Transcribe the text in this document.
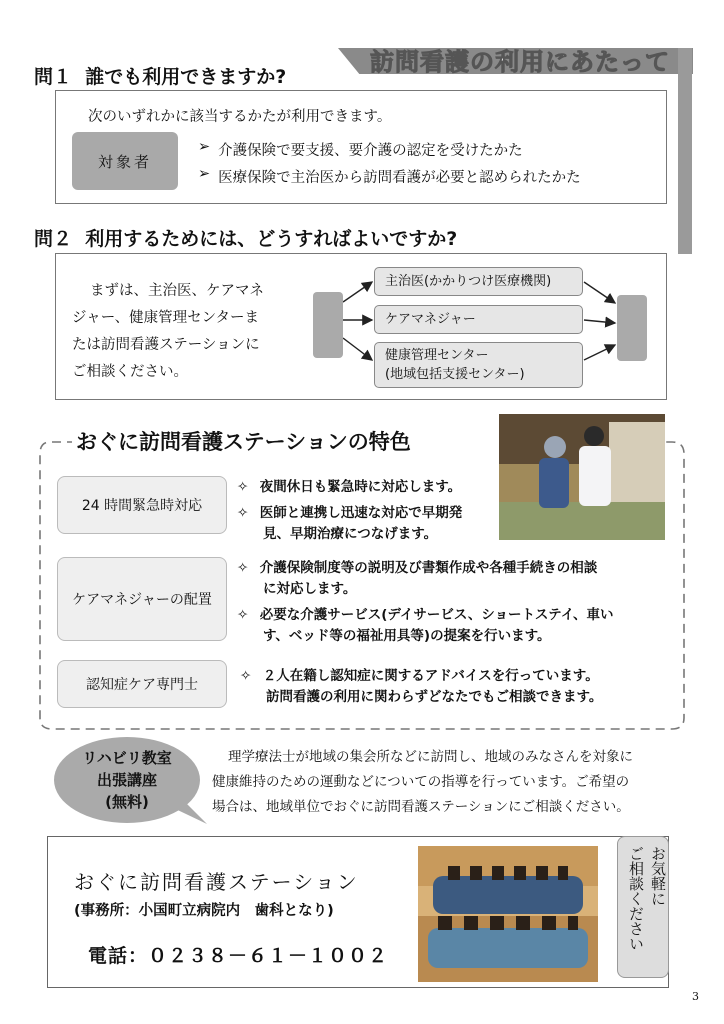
訪問看護の利用にあたって
問１ 誰でも利用できますか?
次のいずれかに該当するかたが利用できます。
対象者
➢ 介護保険で要支援、要介護の認定を受けたかた
➢ 医療保険で主治医から訪問看護が必要と認められたかた
問２ 利用するためには、どうすればよいですか?
まずは、主治医、ケアマネ
ジャー、健康管理センターま
たは訪問看護ステーションに
ご相談ください。
主治医(かかりつけ医療機関)
ケアマネジャー
健康管理センター
(地域包括支援センター)
おぐに訪問看護ステーションの特色
24 時間緊急時対応
✧ 夜間休日も緊急時に対応します。
✧ 医師と連携し迅速な対応で早期発
見、早期治療につなげます。
ケアマネジャーの配置
✧ 介護保険制度等の説明及び書類作成や各種手続きの相談
に対応します。
✧ 必要な介護サービス(デイサービス、ショートステイ、車い
す、ベッド等の福祉用具等)の提案を行います。
認知症ケア専門士
✧ ２人在籍し認知症に関するアドバイスを行っています。
訪問看護の利用に関わらずどなたでもご相談できます。
リハビリ教室
出張講座
(無料)
理学療法士が地域の集会所などに訪問し、地域のみなさんを対象に
健康維持のための運動などについての指導を行っています。ご希望の
場合は、地域単位でおぐに訪問看護ステーションにご相談ください。
おぐに訪問看護ステーション
(事務所：小国町立病院内　歯科となり)
電話：０２３８－６１－１００２
お気軽に
ご相談ください
3
